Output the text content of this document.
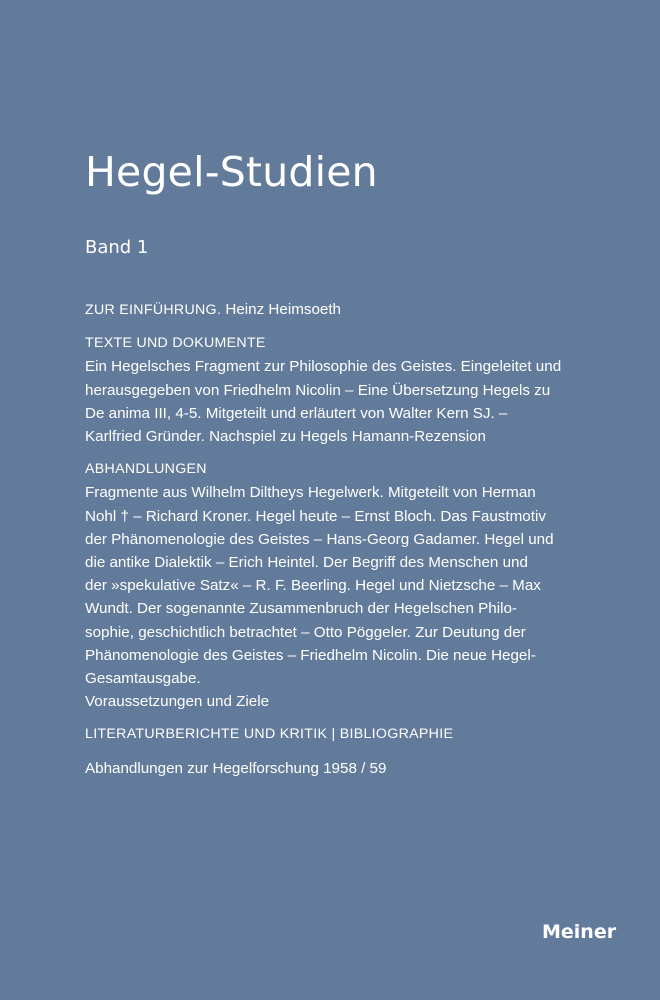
Hegel-Studien
Band 1
ZUR EINFÜHRUNG. Heinz Heimsoeth
TEXTE UND DOKUMENTE
Ein Hegelsches Fragment zur Philosophie des Geistes. Eingeleitet und
herausgegeben von Friedhelm Nicolin – Eine Übersetzung Hegels zu
De anima III, 4-5. Mitgeteilt und erläutert von Walter Kern SJ. –
Karlfried Gründer. Nachspiel zu Hegels Hamann-Rezension
ABHANDLUNGEN
Fragmente aus Wilhelm Diltheys Hegelwerk. Mitgeteilt von Herman
Nohl † – Richard Kroner. Hegel heute – Ernst Bloch. Das Faustmotiv
der Phänomenologie des Geistes – Hans-Georg Gadamer. Hegel und
die antike Dialektik – Erich Heintel. Der Begriff des Menschen und
der »spekulative Satz« – R. F. Beerling. Hegel und Nietzsche – Max
Wundt. Der sogenannte Zusammenbruch der Hegelschen Philo-
sophie, geschichtlich betrachtet – Otto Pöggeler. Zur Deutung der
Phänomenologie des Geistes – Friedhelm Nicolin. Die neue Hegel-
Gesamtausgabe.
Voraussetzungen und Ziele
LITERATURBERICHTE UND KRITIK | BIBLIOGRAPHIE
Abhandlungen zur Hegelforschung 1958 / 59
Meiner
